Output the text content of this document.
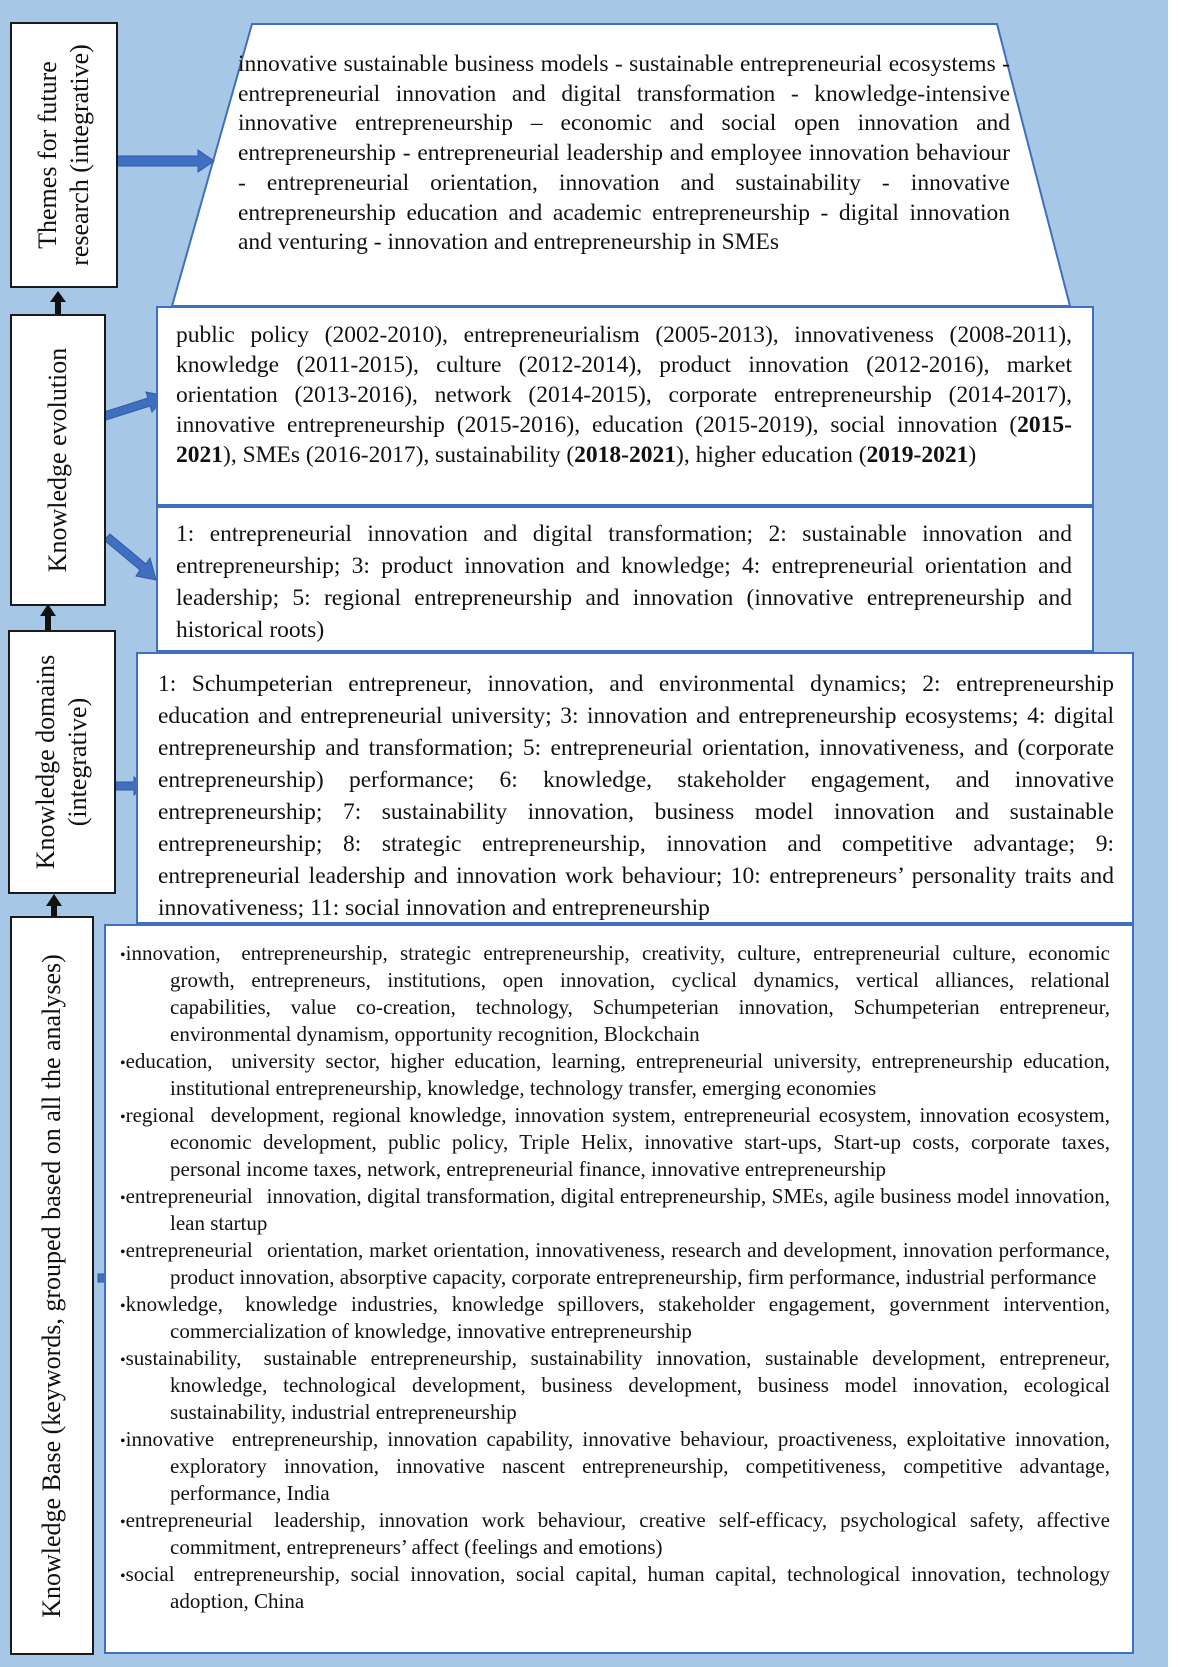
Themes for future research (integrative)
Knowledge evolution
Knowledge domains (integrative)
Knowledge Base (keywords, grouped based on all the analyses)
innovative sustainable business models - sustainable entrepreneurial ecosystems - entrepreneurial innovation and digital transformation - knowledge-intensive innovative entrepreneurship – economic and social open innovation and entrepreneurship - entrepreneurial leadership and employee innovation behaviour - entrepreneurial orientation, innovation and sustainability - innovative entrepreneurship education and academic entrepreneurship - digital innovation and venturing - innovation and entrepreneurship in SMEs
public policy (2002-2010), entrepreneurialism (2005-2013), innovativeness (2008-2011), knowledge (2011-2015), culture (2012-2014), product innovation (2012-2016), market orientation (2013-2016), network (2014-2015), corporate entrepreneurship (2014-2017), innovative entrepreneurship (2015-2016), education (2015-2019), social innovation (2015-2021), SMEs (2016-2017), sustainability (2018-2021), higher education (2019-2021)
1: entrepreneurial innovation and digital transformation; 2: sustainable innovation and entrepreneurship; 3: product innovation and knowledge; 4: entrepreneurial orientation and leadership; 5: regional entrepreneurship and innovation (innovative entrepreneurship and historical roots)
1: Schumpeterian entrepreneur, innovation, and environmental dynamics; 2: entrepreneurship education and entrepreneurial university; 3: innovation and entrepreneurship ecosystems; 4: digital entrepreneurship and transformation; 5: entrepreneurial orientation, innovativeness, and (corporate entrepreneurship) performance; 6: knowledge, stakeholder engagement, and innovative entrepreneurship; 7: sustainability innovation, business model innovation and sustainable entrepreneurship; 8: strategic entrepreneurship, innovation and competitive advantage; 9: entrepreneurial leadership and innovation work behaviour; 10: entrepreneurs’ personality traits and innovativeness; 11: social innovation and entrepreneurship
•innovation, entrepreneurship, strategic entrepreneurship, creativity, culture, entrepreneurial culture, economic growth, entrepreneurs, institutions, open innovation, cyclical dynamics, vertical alliances, relational capabilities, value co-creation, technology, Schumpeterian innovation, Schumpeterian entrepreneur, environmental dynamism, opportunity recognition, Blockchain
•education, university sector, higher education, learning, entrepreneurial university, entrepreneurship education, institutional entrepreneurship, knowledge, technology transfer, emerging economies
•regional development, regional knowledge, innovation system, entrepreneurial ecosystem, innovation ecosystem, economic development, public policy, Triple Helix, innovative start-ups, Start-up costs, corporate taxes, personal income taxes, network, entrepreneurial finance, innovative entrepreneurship
•entrepreneurial innovation, digital transformation, digital entrepreneurship, SMEs, agile business model innovation, lean startup
•entrepreneurial orientation, market orientation, innovativeness, research and development, innovation performance, product innovation, absorptive capacity, corporate entrepreneurship, firm performance, industrial performance
•knowledge, knowledge industries, knowledge spillovers, stakeholder engagement, government intervention, commercialization of knowledge, innovative entrepreneurship
•sustainability, sustainable entrepreneurship, sustainability innovation, sustainable development, entrepreneur, knowledge, technological development, business development, business model innovation, ecological sustainability, industrial entrepreneurship
•innovative entrepreneurship, innovation capability, innovative behaviour, proactiveness, exploitative innovation, exploratory innovation, innovative nascent entrepreneurship, competitiveness, competitive advantage, performance, India
•entrepreneurial leadership, innovation work behaviour, creative self-efficacy, psychological safety, affective commitment, entrepreneurs’ affect (feelings and emotions)
•social entrepreneurship, social innovation, social capital, human capital, technological innovation, technology adoption, China
